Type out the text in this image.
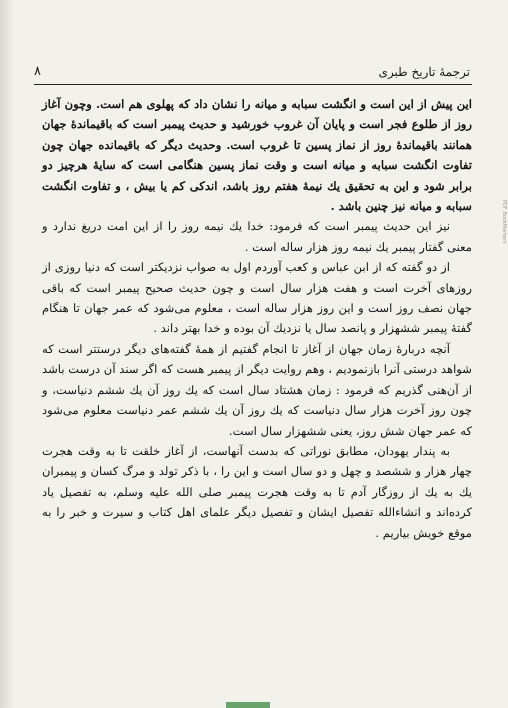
ترجمهٔ تاریخ طبری
٨

این پیش از این است و انگشت سبابه و میانه را نشان داد که پهلوی هم است. وچون آغاز روز از طلوع فجر است و پایان آن غروب خورشید و حدیث پیمبر است که باقیماندهٔ جهان همانند باقیماندهٔ روز از نماز پسین تا غروب است. وحدیث دیگر که باقیمانده جهان چون تفاوت انگشت سبابه و میانه است و وقت نماز پسین هنگامی است که سایهٔ هرچیز دو برابر شود و این به تحقیق یك نیمهٔ هفتم روز باشد، اندکی کم یا بیش ، و تفاوت انگشت سبابه و میانه نیز چنین باشد .

نیز این حدیث پیمبر است که فرمود: خدا یك نیمه روز را از این امت دریغ ندارد و معنی گفتار پیمبر یك نیمه روز هزار ساله است .

از دو گفته که از ابن عباس و کعب آوردم اول به صواب نزدیکتر است که دنیا روزی از روزهای آخرت است و هفت هزار سال است و چون حدیث صحیح پیمبر است که باقی جهان نصف روز است و این روز هزار ساله است ، معلوم می‌شود که عمر جهان تا هنگام گفتهٔ پیمبر ششهزار و پانصد سال یا نزدیك آن بوده و خدا بهتر داند .

آنچه دربارهٔ زمان جهان از آغاز تا انجام گفتیم از همهٔ گفته‌های دیگر درستتر است که شواهد درستی آنرا بازنمودیم ، وهم روایت دیگر از پیمبر هست که اگر سند آن درست باشد از آن‌هنی گذریم که فرمود : زمان هشتاد سال است که یك روز آن یك ششم دنیاست، و چون روز آخرت هزار سال دنیاست که یك روز آن یك ششم عمر دنیاست معلوم می‌شود که عمر جهان شش روز، یعنی ششهزار سال است.

به پندار یهودان، مطابق نوراتی که بدست آنهاست، از آغاز خلقت تا به وقت هجرت چهار هزار و ششصد و چهل و دو سال است و این را ، با ذکر تولد و مرگ کسان و پیمبران یك به یك از روزگار آدم تا به وقت هجرت پیمبر صلی الله علیه وسلم، به تفصیل یاد کرده‌اند و انشاءالله تفصیل ایشان و تفصیل دیگر علمای اهل کتاب و سیرت و خبر را به موقع خویش بیاریم .

PDF BookMarkers
